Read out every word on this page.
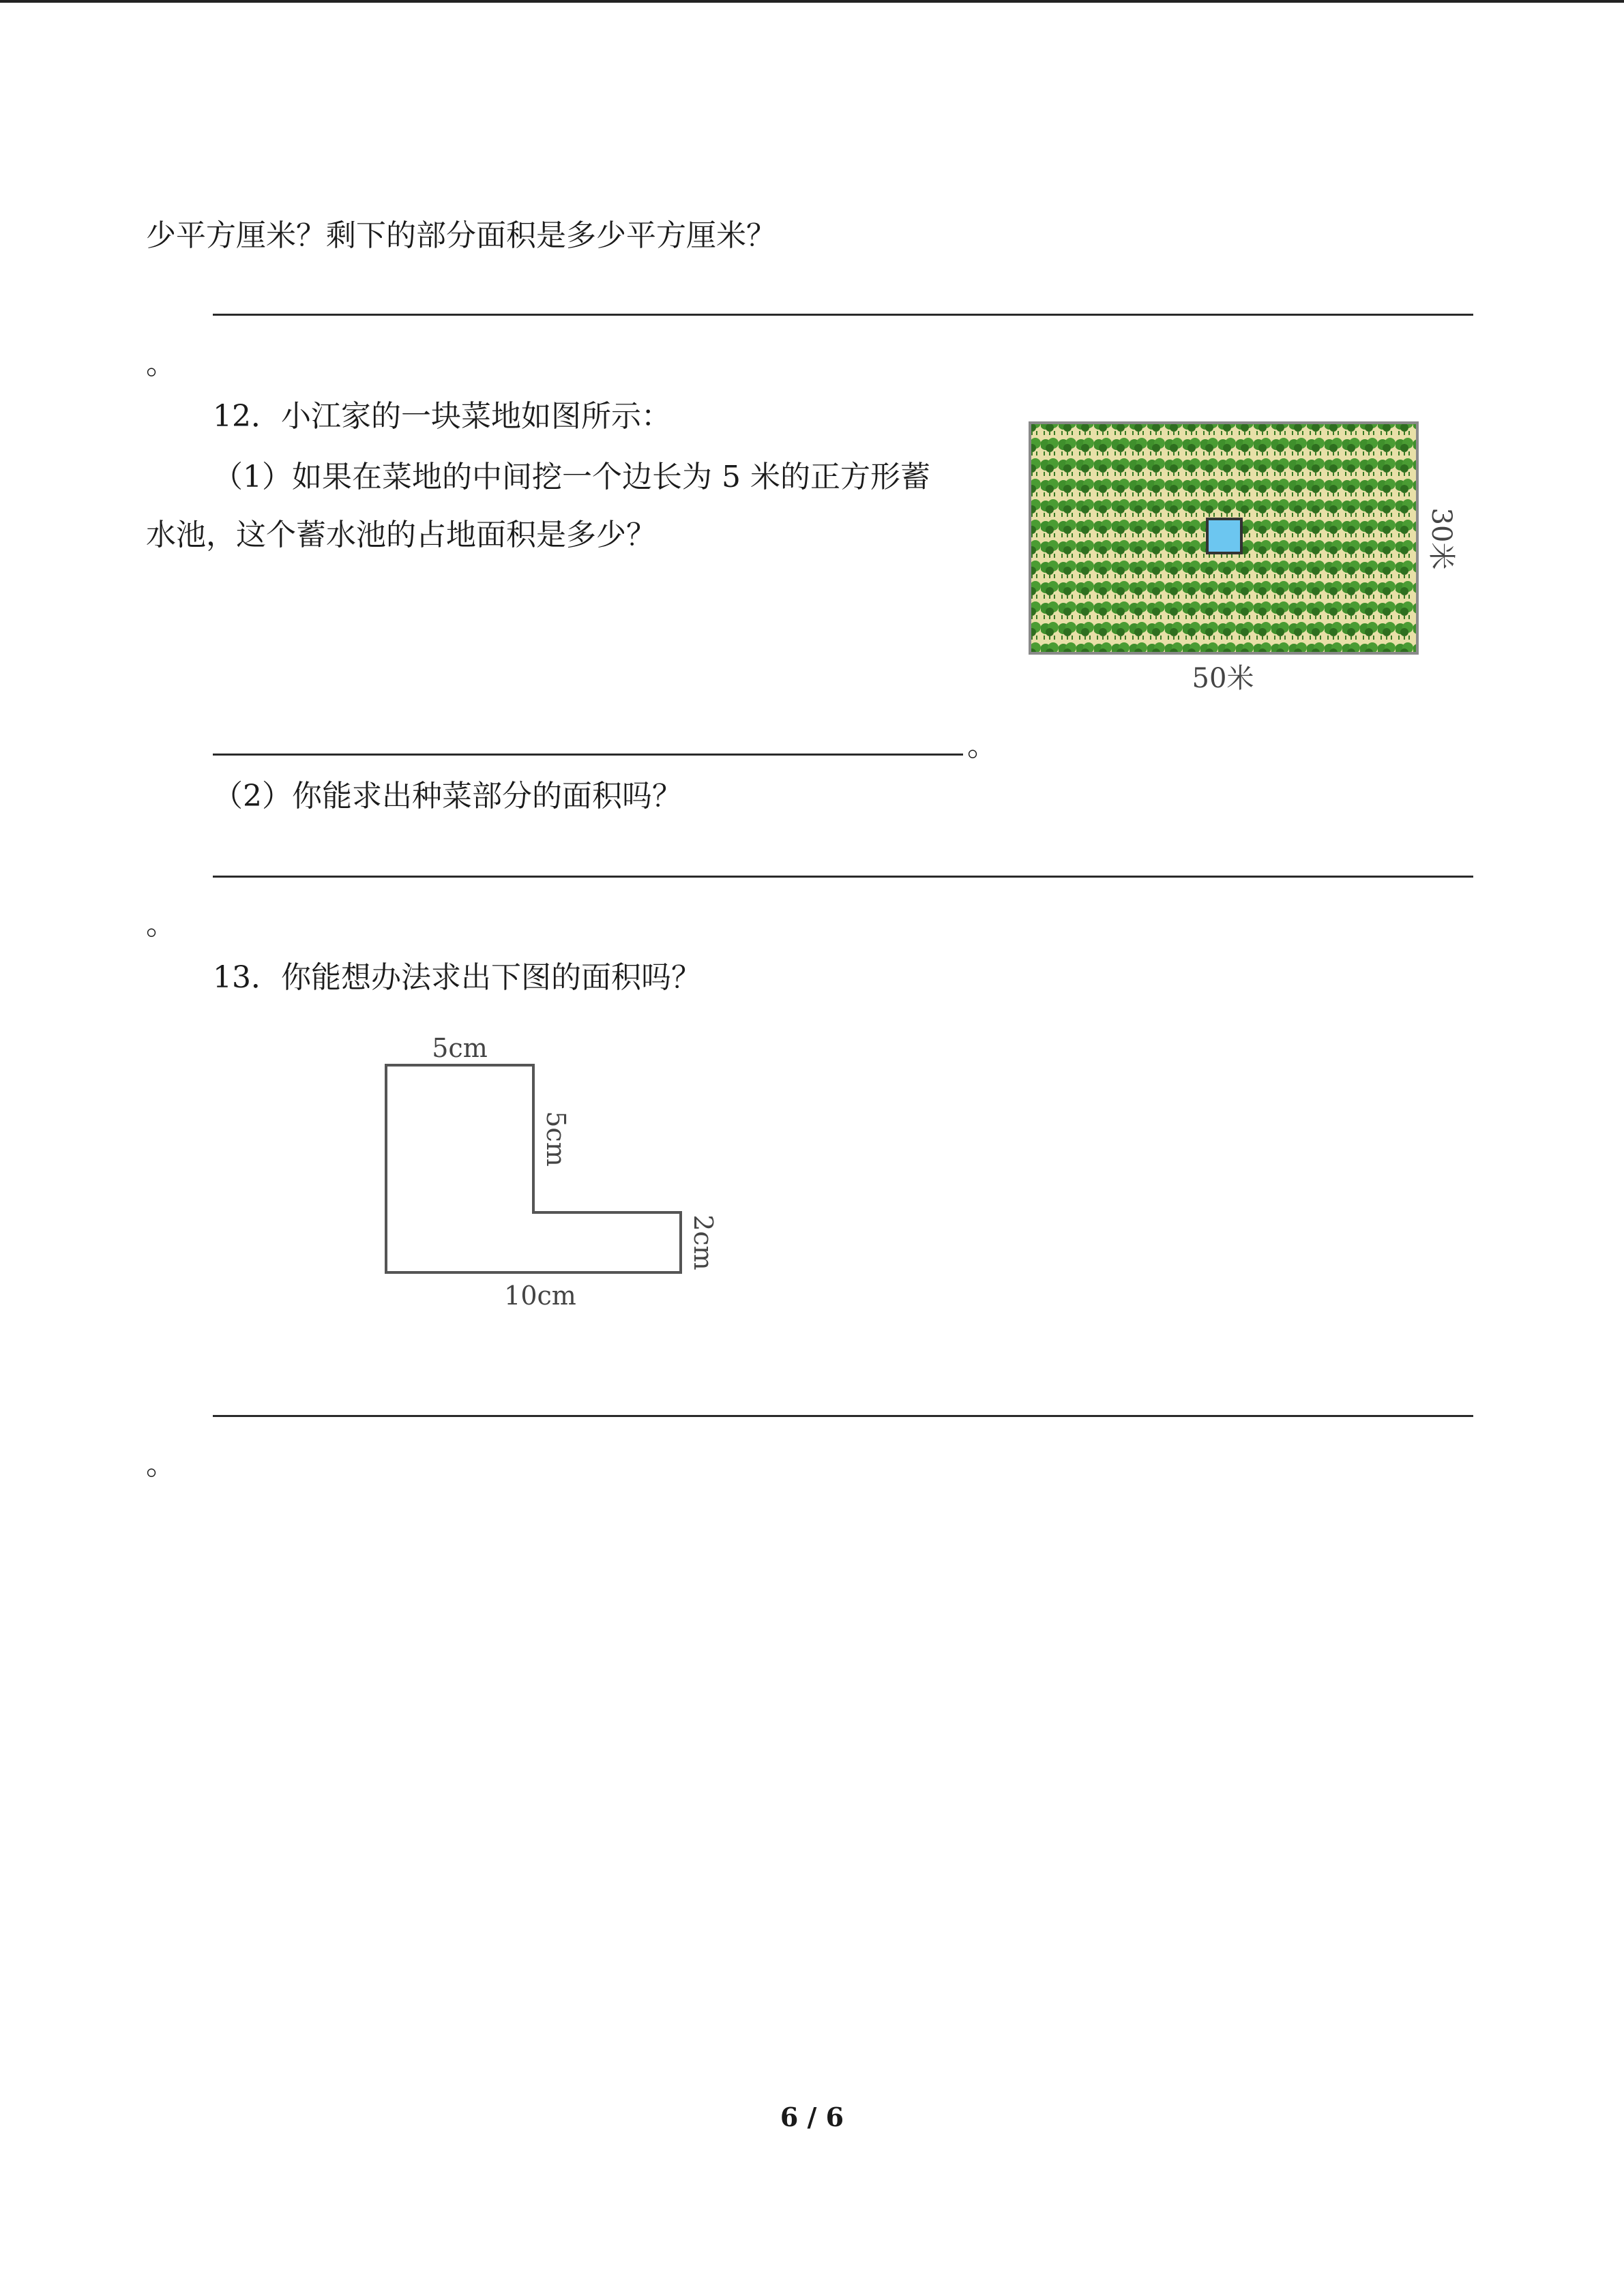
少平方厘米？剩下的部分面积是多少平方厘米？
。
12．小江家的一块菜地如图所示：
（1）如果在菜地的中间挖一个边长为 5 米的正方形蓄
水池，这个蓄水池的占地面积是多少？	30米
50米
。
（2）你能求出种菜部分的面积吗？
。
13．你能想办法求出下图的面积吗？
5cm
5cm
2cm
10cm
。
6 / 6
